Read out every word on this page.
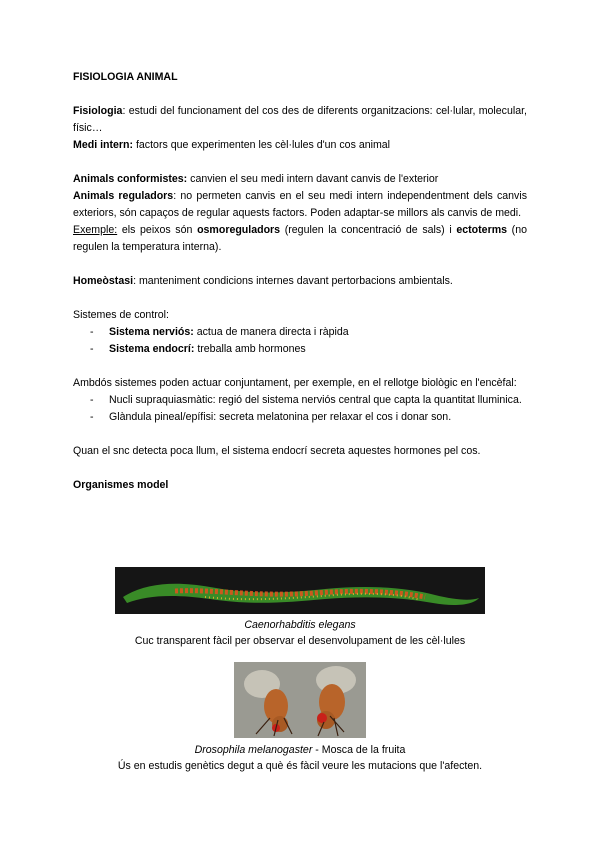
FISIOLOGIA ANIMAL

Fisiologia: estudi del funcionament del cos des de diferents organitzacions: cel·lular, molecular, físic…

Medi intern: factors que experimenten les cèl·lules d'un cos animal

Animals conformistes: canvien el seu medi intern davant canvis de l'exterior

Animals reguladors: no permeten canvis en el seu medi intern independentment dels canvis exteriors, són capaços de regular aquests factors. Poden adaptar-se millors als canvis de medi.

Exemple: els peixos són osmoreguladors (regulen la concentració de sals) i ectoterms (no regulen la temperatura interna).

Homeòstasi: manteniment condicions internes davant pertorbacions ambientals.

Sistemes de control:

- Sistema nerviós: actua de manera directa i ràpida
- Sistema endocrí: treballa amb hormones

Ambdós sistemes poden actuar conjuntament, per exemple, en el rellotge biològic en l'encèfal:

- Nucli supraquiasmàtic: regió del sistema nerviós central que capta la quantitat lluminica.
- Glàndula pineal/epífisi: secreta melatonina per relaxar el cos i donar son.

Quan el snc detecta poca llum, el sistema endocrí secreta aquestes hormones pel cos.

Organismes model

Caenorhabditis elegans
Cuc transparent fàcil per observar el desenvolupament de les cèl·lules
Drosophila melanogaster - Mosca de la fruita
Ús en estudis genètics degut a què és fàcil veure les mutacions que l'afecten.
